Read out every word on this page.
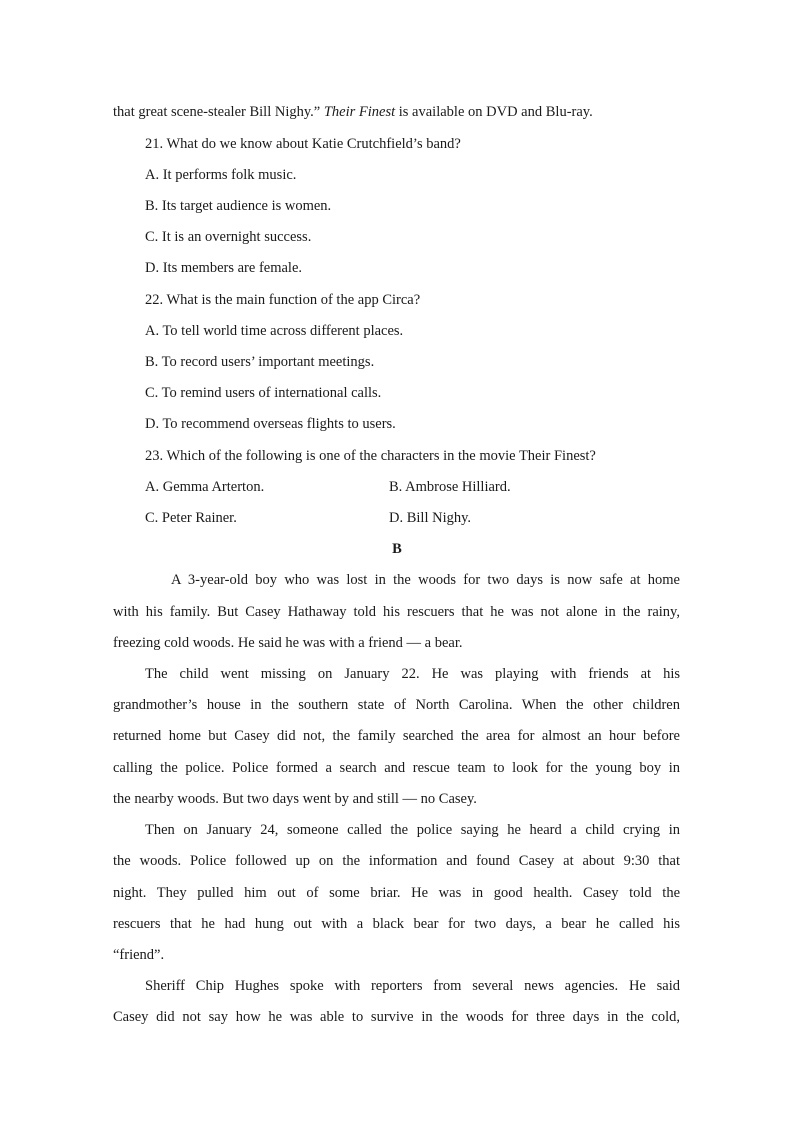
that great scene-stealer Bill Nighy.” Their Finest is available on DVD and Blu-ray.
21. What do we know about Katie Crutchfield’s band?
A. It performs folk music.
B. Its target audience is women.
C. It is an overnight success.
D. Its members are female.
22. What is the main function of the app Circa?
A. To tell world time across different places.
B. To record users’ important meetings.
C. To remind users of international calls.
D. To recommend overseas flights to users.
23. Which of the following is one of the characters in the movie Their Finest?
A. Gemma Arterton.	B. Ambrose Hilliard.
C. Peter Rainer.	D. Bill Nighy.
B
A 3-year-old boy who was lost in the woods for two days is now safe at home
with his family. But Casey Hathaway told his rescuers that he was not alone in the rainy,
freezing cold woods. He said he was with a friend — a bear.
The child went missing on January 22. He was playing with friends at his
grandmother’s house in the southern state of North Carolina. When the other children
returned home but Casey did not, the family searched the area for almost an hour before
calling the police. Police formed a search and rescue team to look for the young boy in
the nearby woods. But two days went by and still — no Casey.
Then on January 24, someone called the police saying he heard a child crying in
the woods. Police followed up on the information and found Casey at about 9:30 that
night. They pulled him out of some briar. He was in good health. Casey told the
rescuers that he had hung out with a black bear for two days, a bear he called his
“friend”.
Sheriff Chip Hughes spoke with reporters from several news agencies. He said
Casey did not say how he was able to survive in the woods for three days in the cold,
